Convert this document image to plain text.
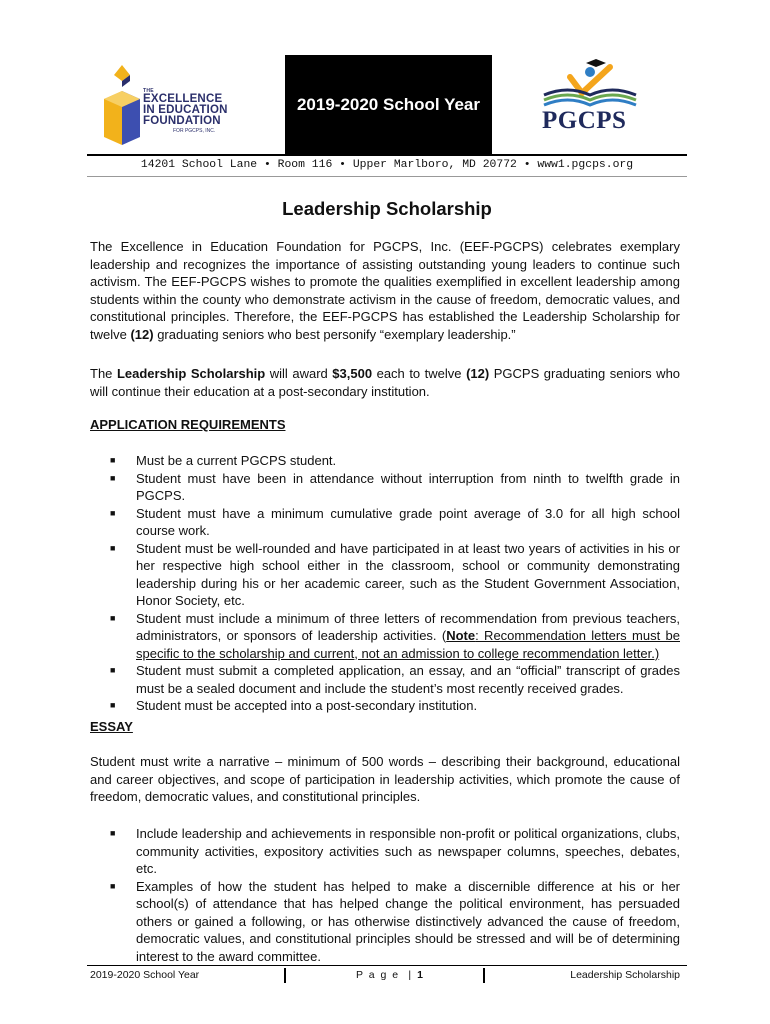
THE
EXCELLENCE
IN EDUCATION
FOUNDATION
FOR PGCPS, INC.
2019-2020 School Year
PGCPS
14201 School Lane • Room 116 • Upper Marlboro, MD 20772 • www1.pgcps.org
Leadership Scholarship
The Excellence in Education Foundation for PGCPS, Inc. (EEF-PGCPS) celebrates exemplary leadership and recognizes the importance of assisting outstanding young leaders to continue such activism. The EEF-PGCPS wishes to promote the qualities exemplified in excellent leadership among students within the county who demonstrate activism in the cause of freedom, democratic values, and constitutional principles. Therefore, the EEF-PGCPS has established the Leadership Scholarship for twelve (12) graduating seniors who best personify “exemplary leadership.”
The Leadership Scholarship will award $3,500 each to twelve (12) PGCPS graduating seniors who will continue their education at a post-secondary institution.
APPLICATION REQUIREMENTS
■ Must be a current PGCPS student.
■ Student must have been in attendance without interruption from ninth to twelfth grade in PGCPS.
■ Student must have a minimum cumulative grade point average of 3.0 for all high school course work.
■ Student must be well-rounded and have participated in at least two years of activities in his or her respective high school either in the classroom, school or community demonstrating leadership during his or her academic career, such as the Student Government Association, Honor Society, etc.
■ Student must include a minimum of three letters of recommendation from previous teachers, administrators, or sponsors of leadership activities. (Note: Recommendation letters must be specific to the scholarship and current, not an admission to college recommendation letter.)
■ Student must submit a completed application, an essay, and an “official” transcript of grades must be a sealed document and include the student’s most recently received grades.
■ Student must be accepted into a post-secondary institution.
ESSAY
Student must write a narrative – minimum of 500 words – describing their background, educational and career objectives, and scope of participation in leadership activities, which promote the cause of freedom, democratic values, and constitutional principles.
■ Include leadership and achievements in responsible non-profit or political organizations, clubs, community activities, expository activities such as newspaper columns, speeches, debates, etc.
■ Examples of how the student has helped to make a discernible difference at his or her school(s) of attendance that has helped change the political environment, has persuaded others or gained a following, or has otherwise distinctively advanced the cause of freedom, democratic values, and constitutional principles should be stressed and will be of determining interest to the award committee.
2019-2020 School Year	P a g e  | 1	Leadership Scholarship
